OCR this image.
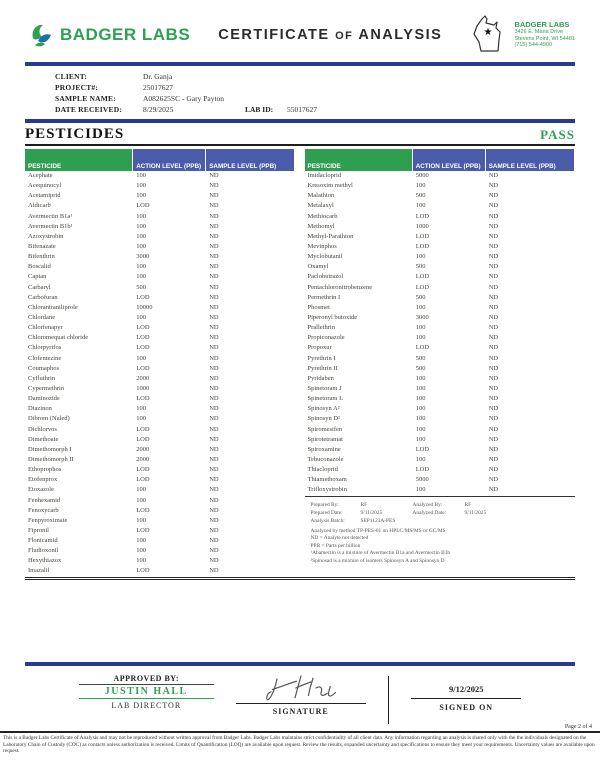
BADGER LABS CERTIFICATE OF ANALYSIS	★
BADGER LABS
3426 E. Maria Drive
Stevens Point, WI 54481
(715) 544-4900
CLIENT:	Dr. Ganja
PROJECT#:	25017627
SAMPLE NAME:	A082625SC - Gary Payton
DATE RECEIVED:	8/29/2025	LAB ID: 55017627
PESTICIDES	PASS
PESTICIDE	ACTION LEVEL (PPB)	SAMPLE LEVEL (PPB)
Acephate	100	ND
Acequinocyl	100	ND
Acetamiprid	100	ND
Aldicarb	LOD	ND
Avermectin B1a¹	100	ND
Avermectin B1b¹	100	ND
Azoxystrobin	100	ND
Bifenazate	100	ND
Bifenthrin	3000	ND
Boscalid	100	ND
Captan	100	ND
Carbaryl	500	ND
Carbofuran	LOD	ND
Chlorantraniliprole	10000	ND
Chlordane	100	ND
Chlorfenapyr	LOD	ND
Chloromequat chloride	LOD	ND
Chlorpyrifos	LOD	ND
Clofentezine	100	ND
Coumaphos	LOD	ND
Cyfluthrin	2000	ND
Cypermethrin	1000	ND
Daminozide	LOD	ND
Diazinon	100	ND
Dibrom (Naled)	100	ND
Dichlorvos	LOD	ND
Dimethoate	LOD	ND
Dimethomorph I	2000	ND
Dimethomorph II	2000	ND
Ethoprophos	LOD	ND
Etofenprox	LOD	ND
Etoxazole	100	ND
Fenhexamid	100	ND
Fenoxycarb	LOD	ND
Fenpyroximate	100	ND
Fipronil	LOD	ND
Flonicamid	100	ND
Fludioxonil	100	ND
Hexythiazox	100	ND
Imazalil	LOD	ND
PESTICIDE	ACTION LEVEL (PPB)	SAMPLE LEVEL (PPB)
Imidacloprid	5000	ND
Kresoxim methyl	100	ND
Malathion	500	ND
Metalaxyl	100	ND
Methiocarb	LOD	ND
Methomyl	1000	ND
Methyl-Parathion	LOD	ND
Mevinphos	LOD	ND
Myclobutanil	100	ND
Oxamyl	500	ND
Paclobutrazol	LOD	ND
Pentachloronitrobenzene	LOD	ND
Permethrin I	500	ND
Phosmet	100	ND
Piperonyl butoxide	3000	ND
Prallethrin	100	ND
Propiconazole	100	ND
Propoxur	LOD	ND
Pyrethrin I	500	ND
Pyrethrin II	500	ND
Pyridaben	100	ND
Spinetoram J	100	ND
Spinetoram L	100	ND
Spinosyn A²	100	ND
Spinosyn D²	100	ND
Spiromesifen	100	ND
Spirotetramat	100	ND
Spiroxamine	LOD	ND
Tebuconazole	100	ND
Thiacloprid	LOD	ND
Thiamethoxam	5000	ND
Trifloxystrobin	100	ND
Prepared By:	RF	Analyzed By:	RF
Prepared Date:	9/11/2025	Analyzed Date:	9/11/2025
Analysis Batch:	SEP1123A-PES
Analyzed by method TP-PES-01 on HPLC/MS/MS or GC/MS
ND = Analyte not detected
PPB = Parts per billion
¹Abamectin is a mixture of Avermectin B1a and Avermectin B1b
²Spinosad is a mixture of isomers Spinosyn A and Spinosyn D
APPROVED BY:
JUSTIN HALL
LAB DIRECTOR
SIGNATURE
9/12/2025
SIGNED ON
Page 2 of 4
This is a Badger Labs Certificate of Analysis and may not be reproduced without written approval from Badger Labs. Badger Labs maintains strict confidentiality of all client data. Any information regarding an analysis is shared only with the the individuals designated on the Laboratory Chain of Custody (COC) as contacts unless authorization is received. Limits of Quantification (LOQ) are available upon request. Review the results, expanded uncertainty and specifications to ensure they meet your requirements. Uncertainty values are available upon request.
